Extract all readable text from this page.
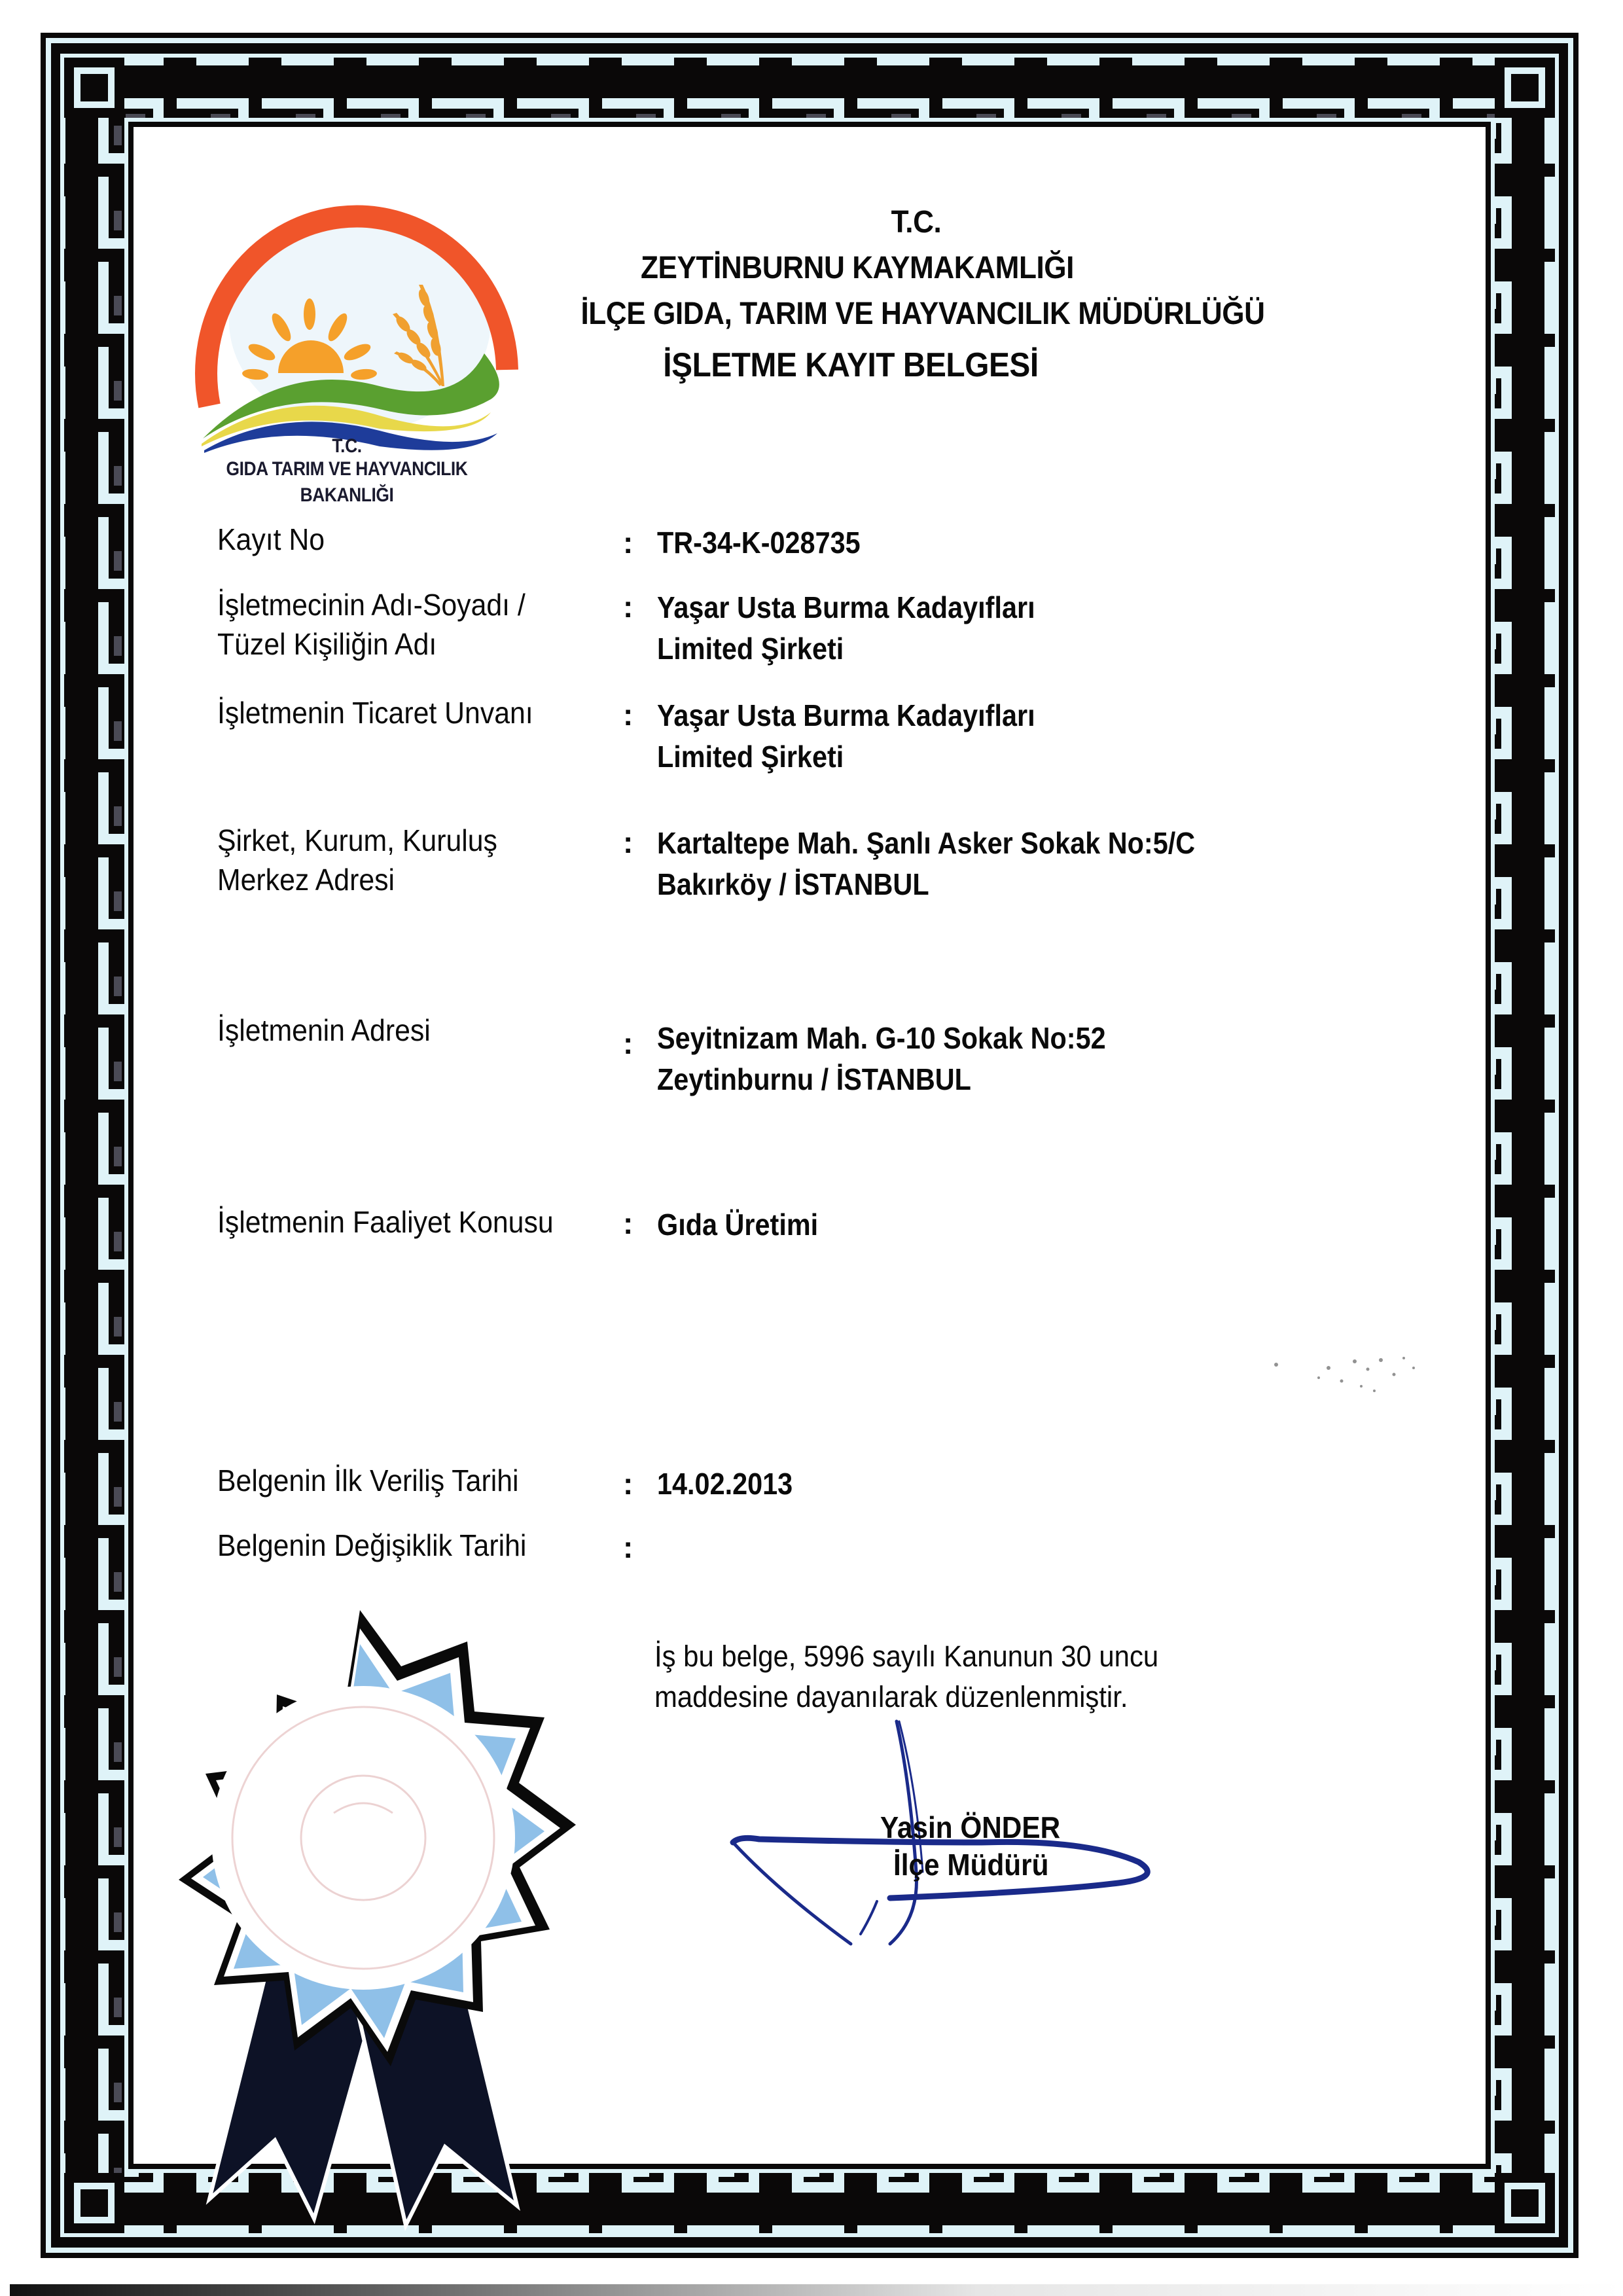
T.C.
GIDA TARIM VE HAYVANCILIK
BAKANLIĞI
T.C.
ZEYTİNBURNU KAYMAKAMLIĞI
İLÇE GIDA, TARIM VE HAYVANCILIK MÜDÜRLÜĞÜ
İŞLETME KAYIT BELGESİ
Kayıt No	: TR-34-K-028735
İşletmecinin Adı-Soyadı /
Tüzel Kişiliğin Adı
: Yaşar Usta Burma Kadayıfları
Limited Şirketi
İşletmenin Ticaret Unvanı	: Yaşar Usta Burma Kadayıfları
Limited Şirketi
Şirket, Kurum, Kuruluş
Merkez Adresi
: Kartaltepe Mah. Şanlı Asker Sokak No:5/C
Bakırköy / İSTANBUL
İşletmenin Adresi	: Seyitnizam Mah. G-10 Sokak No:52
Zeytinburnu / İSTANBUL
İşletmenin Faaliyet Konusu : Gıda Üretimi
Belgenin İlk Veriliş Tarihi	: 14.02.2013
Belgenin Değişiklik Tarihi	:
İş bu belge, 5996 sayılı Kanunun 30 uncu
maddesine dayanılarak düzenlenmiştir.
Yasin ÖNDER
İlçe Müdürü
